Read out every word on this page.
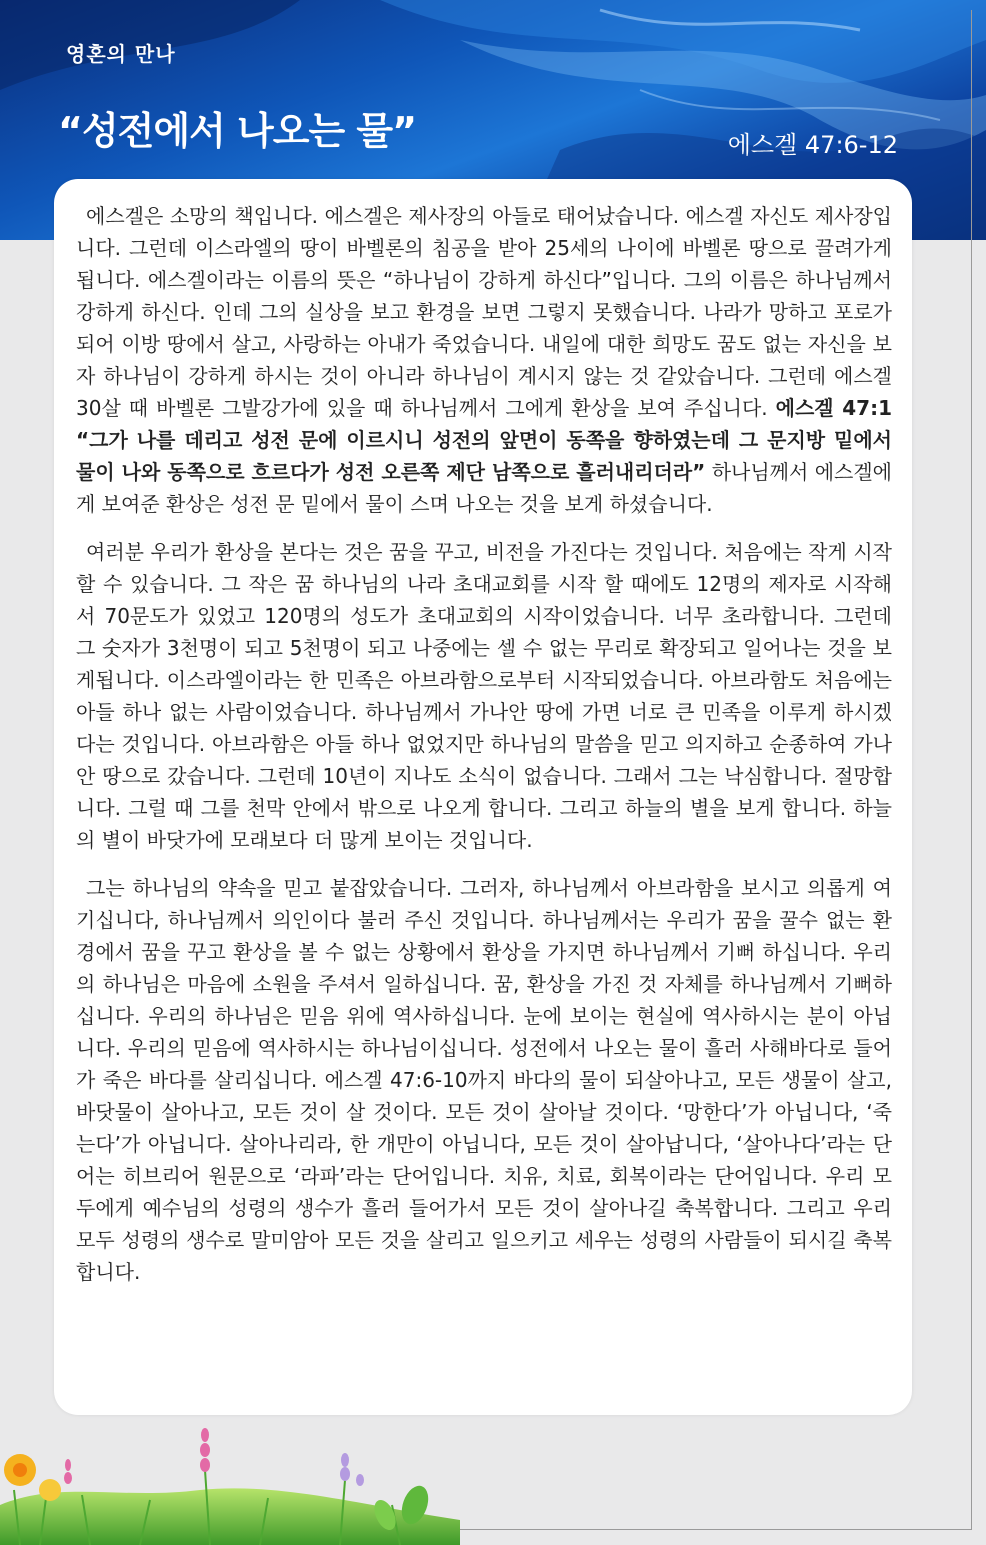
영혼의 만나
“성전에서 나오는 물”	에스겔 47:6-12

에스겔은 소망의 책입니다. 에스겔은 제사장의 아들로 태어났습니다. 에스겔 자신도 제사장입니다. 그런데 이스라엘의 땅이 바벨론의 침공을 받아 25세의 나이에 바벨론 땅으로 끌려가게 됩니다. 에스겔이라는 이름의 뜻은 “하나님이 강하게 하신다”입니다. 그의 이름은 하나님께서 강하게 하신다. 인데 그의 실상을 보고 환경을 보면 그렇지 못했습니다. 나라가 망하고 포로가 되어 이방 땅에서 살고, 사랑하는 아내가 죽었습니다. 내일에 대한 희망도 꿈도 없는 자신을 보자 하나님이 강하게 하시는 것이 아니라 하나님이 계시지 않는 것 같았습니다. 그런데 에스겔 30살 때 바벨론 그발강가에 있을 때 하나님께서 그에게 환상을 보여 주십니다. 에스겔 47:1 “그가 나를 데리고 성전 문에 이르시니 성전의 앞면이 동쪽을 향하였는데 그 문지방 밑에서 물이 나와 동쪽으로 흐르다가 성전 오른쪽 제단 남쪽으로 흘러내리더라” 하나님께서 에스겔에게 보여준 환상은 성전 문 밑에서 물이 스며 나오는 것을 보게 하셨습니다.

여러분 우리가 환상을 본다는 것은 꿈을 꾸고, 비전을 가진다는 것입니다. 처음에는 작게 시작할 수 있습니다. 그 작은 꿈 하나님의 나라 초대교회를 시작 할 때에도 12명의 제자로 시작해서 70문도가 있었고 120명의 성도가 초대교회의 시작이었습니다. 너무 초라합니다. 그런데 그 숫자가 3천명이 되고 5천명이 되고 나중에는 셀 수 없는 무리로 확장되고 일어나는 것을 보게됩니다. 이스라엘이라는 한 민족은 아브라함으로부터 시작되었습니다. 아브라함도 처음에는 아들 하나 없는 사람이었습니다. 하나님께서 가나안 땅에 가면 너로 큰 민족을 이루게 하시겠다는 것입니다. 아브라함은 아들 하나 없었지만 하나님의 말씀을 믿고 의지하고 순종하여 가나안 땅으로 갔습니다. 그런데 10년이 지나도 소식이 없습니다. 그래서 그는 낙심합니다. 절망합니다. 그럴 때 그를 천막 안에서 밖으로 나오게 합니다. 그리고 하늘의 별을 보게 합니다. 하늘의 별이 바닷가에 모래보다 더 많게 보이는 것입니다.

그는 하나님의 약속을 믿고 붙잡았습니다. 그러자, 하나님께서 아브라함을 보시고 의롭게 여기십니다, 하나님께서 의인이다 불러 주신 것입니다. 하나님께서는 우리가 꿈을 꿀수 없는 환경에서 꿈을 꾸고 환상을 볼 수 없는 상황에서 환상을 가지면 하나님께서 기뻐 하십니다. 우리의 하나님은 마음에 소원을 주셔서 일하십니다. 꿈, 환상을 가진 것 자체를 하나님께서 기뻐하십니다. 우리의 하나님은 믿음 위에 역사하십니다. 눈에 보이는 현실에 역사하시는 분이 아닙니다. 우리의 믿음에 역사하시는 하나님이십니다. 성전에서 나오는 물이 흘러 사해바다로 들어가 죽은 바다를 살리십니다. 에스겔 47:6-10까지 바다의 물이 되살아나고, 모든 생물이 살고, 바닷물이 살아나고, 모든 것이 살 것이다. 모든 것이 살아날 것이다. ‘망한다’가 아닙니다, ‘죽는다’가 아닙니다. 살아나리라, 한 개만이 아닙니다, 모든 것이 살아납니다, ‘살아나다’라는 단어는 히브리어 원문으로 ‘라파’라는 단어입니다. 치유, 치료, 회복이라는 단어입니다. 우리 모두에게 예수님의 성령의 생수가 흘러 들어가서 모든 것이 살아나길 축복합니다. 그리고 우리 모두 성령의 생수로 말미암아 모든 것을 살리고 일으키고 세우는 성령의 사람들이 되시길 축복합니다.
